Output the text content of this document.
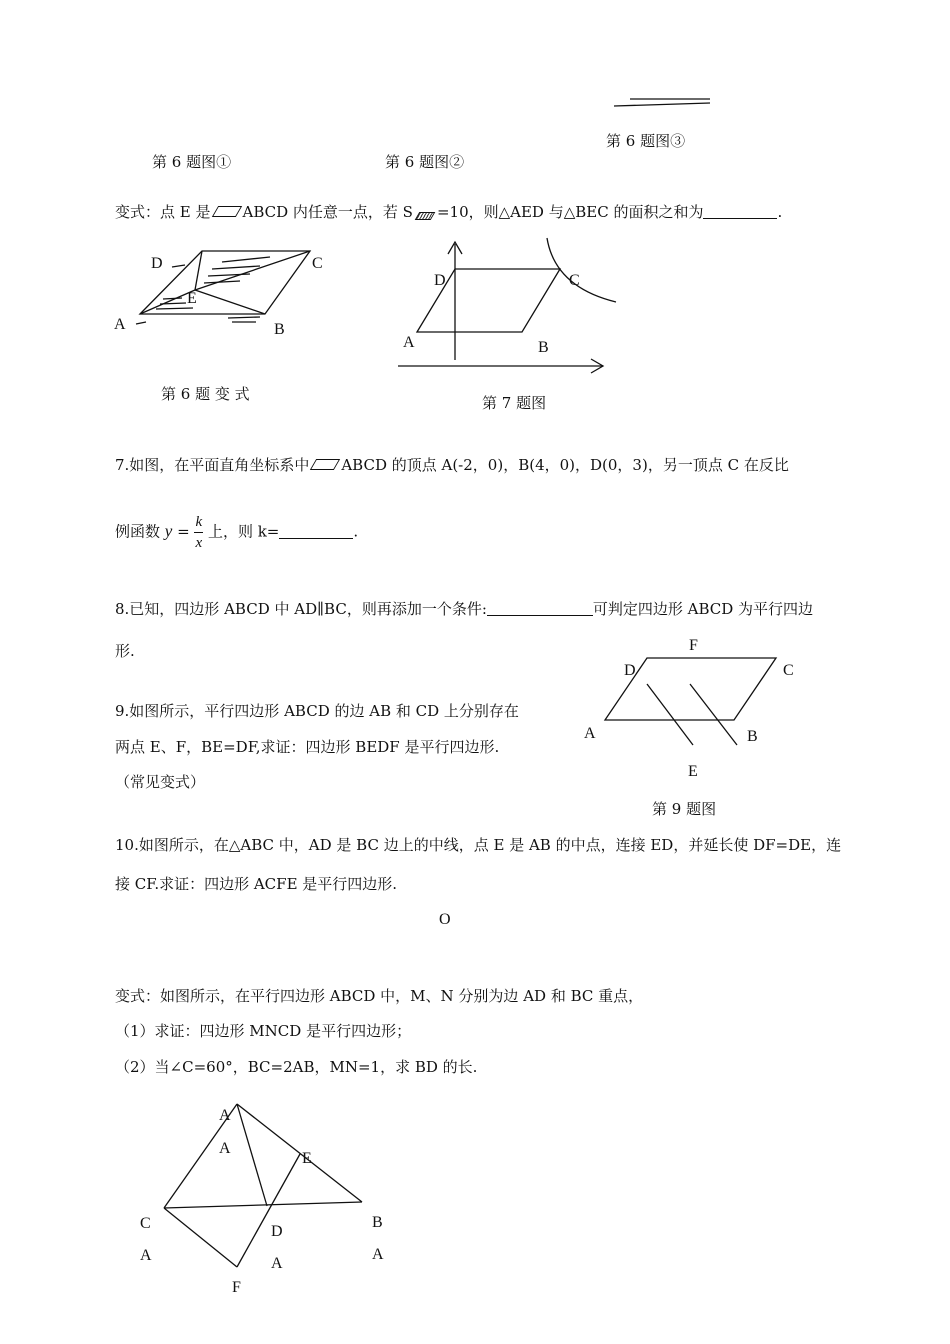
第 6 题图③
第 6 题图①	第 6 题图②
变式：点 E 是 ABCD 内任意一点，若 S =10，则△AED 与△BEC 的面积之和为	.
D	C
E
A	B
第 6 题 变 式
D	C
A	B
第 7 题图
7.如图，在平面直角坐标系中 ABCD 的顶点 A(-2，0)，B(4，0)，D(0，3)，另一顶点 C 在反比
例函数 $y = \frac{k}{x}$ 上，则 k=	.
8.已知，四边形 ABCD 中 AD∥BC，则再添加一个条件:	可判定四边形 ABCD 为平行四边
形.	F
D	C
A	B
E
第 9 题图
9.如图所示，平行四边形 ABCD 的边 AB 和 CD 上分别存在
两点 E、F，BE=DF,求证：四边形 BEDF 是平行四边形.
（常见变式）
10.如图所示，在△ABC 中，AD 是 BC 边上的中线，点 E 是 AB 的中点，连接 ED，并延长使 DF=DE，连
接 CF.求证：四边形 ACFE 是平行四边形.
O
变式：如图所示，在平行四边形 ABCD 中，M、N 分别为边 AD 和 BC 重点，
（1）求证：四边形 MNCD 是平行四边形；
（2）当∠C=60°，BC=2AB，MN=1，求 BD 的长.
A
A
E
C
A
D
A
B
A
F
